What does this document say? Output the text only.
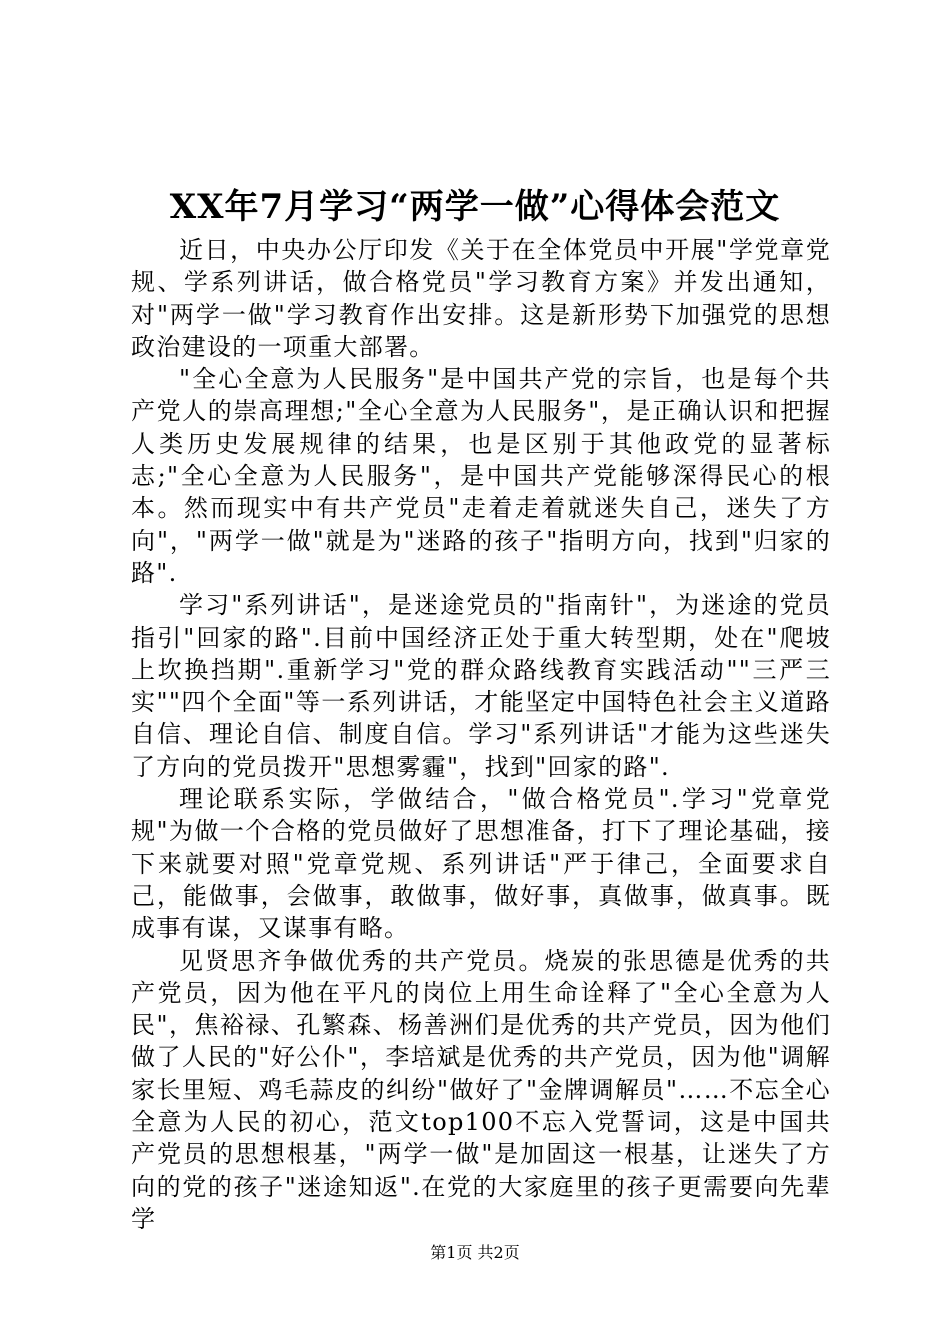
XX年7月学习“两学一做”心得体会范文

近日，中央办公厅印发《关于在全体党员中开展"学党章党规、学系列讲话，做合格党员"学习教育方案》并发出通知，对"两学一做"学习教育作出安排。这是新形势下加强党的思想政治建设的一项重大部署。

"全心全意为人民服务"是中国共产党的宗旨，也是每个共产党人的崇高理想;"全心全意为人民服务"，是正确认识和把握人类历史发展规律的结果，也是区别于其他政党的显著标志;"全心全意为人民服务"，是中国共产党能够深得民心的根本。然而现实中有共产党员"走着走着就迷失自己，迷失了方向"，"两学一做"就是为"迷路的孩子"指明方向，找到"归家的路".

学习"系列讲话"，是迷途党员的"指南针"，为迷途的党员指引"回家的路".目前中国经济正处于重大转型期，处在"爬坡上坎换挡期".重新学习"党的群众路线教育实践活动""三严三实""四个全面"等一系列讲话，才能坚定中国特色社会主义道路自信、理论自信、制度自信。学习"系列讲话"才能为这些迷失了方向的党员拨开"思想雾霾"，找到"回家的路".

理论联系实际，学做结合，"做合格党员".学习"党章党规"为做一个合格的党员做好了思想准备，打下了理论基础，接下来就要对照"党章党规、系列讲话"严于律己，全面要求自己，能做事，会做事，敢做事，做好事，真做事，做真事。既成事有谋，又谋事有略。

见贤思齐争做优秀的共产党员。烧炭的张思德是优秀的共产党员，因为他在平凡的岗位上用生命诠释了"全心全意为人民"，焦裕禄、孔繁森、杨善洲们是优秀的共产党员，因为他们做了人民的"好公仆"，李培斌是优秀的共产党员，因为他"调解家长里短、鸡毛蒜皮的纠纷"做好了"金牌调解员"……不忘全心全意为人民的初心，范文top100不忘入党誓词，这是中国共产党员的思想根基，"两学一做"是加固这一根基，让迷失了方向的党的孩子"迷途知返".在党的大家庭里的孩子更需要向先辈学

第1页 共2页
